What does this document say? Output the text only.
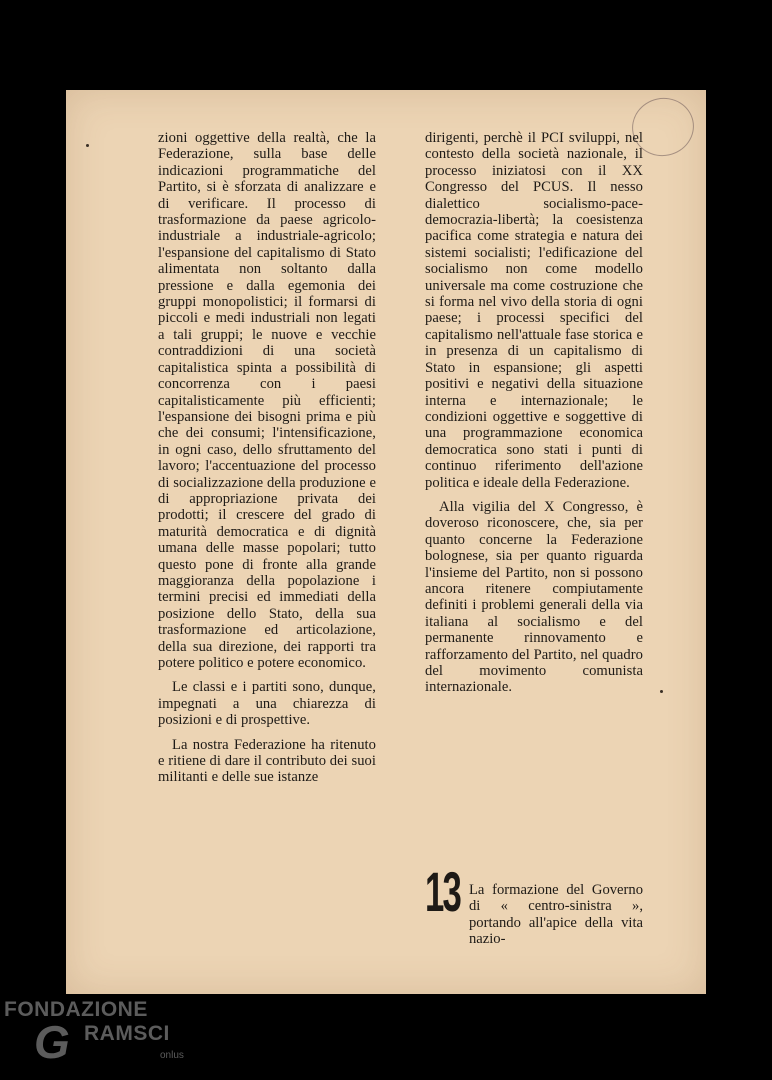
zioni oggettive della realtà, che la Federazione, sulla base delle indicazioni programmatiche del Partito, si è sforzata di analizzare e di verificare. Il processo di trasformazione da paese agricolo-industriale a industriale-agricolo; l'espansione del capitalismo di Stato alimentata non soltanto dalla pressione e dalla egemonia dei gruppi monopolistici; il formarsi di piccoli e medi industriali non legati a tali gruppi; le nuove e vecchie contraddizioni di una società capitalistica spinta a possibilità di concorrenza con i paesi capitalisticamente più efficienti; l'espansione dei bisogni prima e più che dei consumi; l'intensificazione, in ogni caso, dello sfruttamento del lavoro; l'accentuazione del processo di socializzazione della produzione e di appropriazione privata dei prodotti; il crescere del grado di maturità democratica e di dignità umana delle masse popolari; tutto questo pone di fronte alla grande maggioranza della popolazione i termini precisi ed immediati della posizione dello Stato, della sua trasformazione ed articolazione, della sua direzione, dei rapporti tra potere politico e potere economico.

Le classi e i partiti sono, dunque, impegnati a una chiarezza di posizioni e di prospettive.

La nostra Federazione ha ritenuto e ritiene di dare il contributo dei suoi militanti e delle sue istanze

dirigenti, perchè il PCI sviluppi, nel contesto della società nazionale, il processo iniziatosi con il XX Congresso del PCUS. Il nesso dialettico socialismo-pace-democrazia-libertà; la coesistenza pacifica come strategia e natura dei sistemi socialisti; l'edificazione del socialismo non come modello universale ma come costruzione che si forma nel vivo della storia di ogni paese; i processi specifici del capitalismo nell'attuale fase storica e in presenza di un capitalismo di Stato in espansione; gli aspetti positivi e negativi della situazione interna e internazionale; le condizioni oggettive e soggettive di una programmazione economica democratica sono stati i punti di continuo riferimento dell'azione politica e ideale della Federazione.

Alla vigilia del X Congresso, è doveroso riconoscere, che, sia per quanto concerne la Federazione bolognese, sia per quanto riguarda l'insieme del Partito, non si possono ancora ritenere compiutamente definiti i problemi generali della via italiana al socialismo e del permanente rinnovamento e rafforzamento del Partito, nel quadro del movimento comunista internazionale.

13 La formazione del Governo di « centro-sinistra », portando all'apice della vita nazio-
FONDAZIONE
G RAMSCI
onlus
